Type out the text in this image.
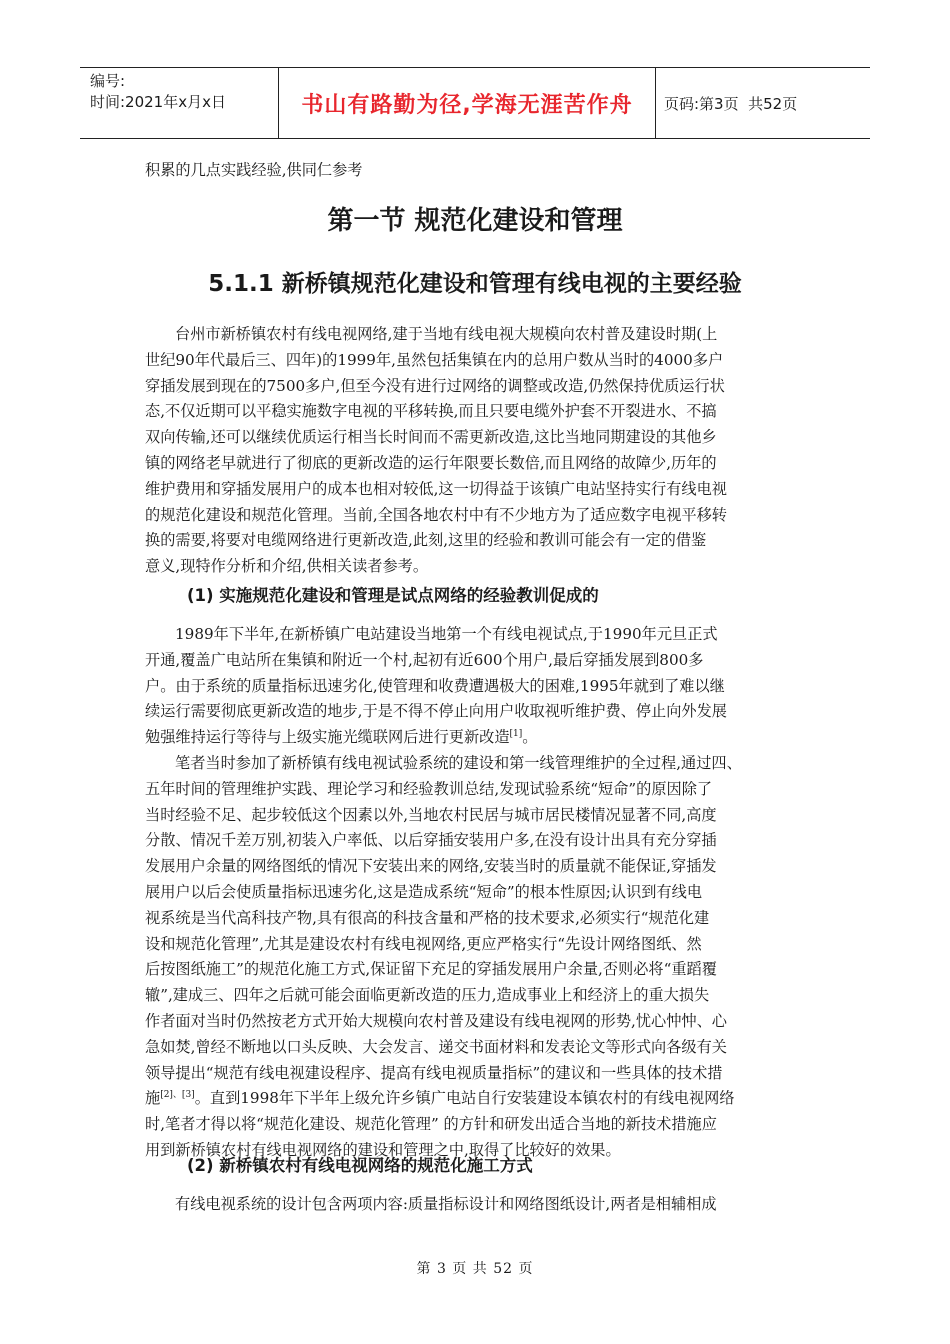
编号:
时间:2021年x月x日	书山有路勤为径,学海无涯苦作舟	页码:第3页  共52页
积累的几点实践经验,供同仁参考
第一节 规范化建设和管理
5.1.1 新桥镇规范化建设和管理有线电视的主要经验
台州市新桥镇农村有线电视网络,建于当地有线电视大规模向农村普及建设时期(上
世纪90年代最后三、四年)的1999年,虽然包括集镇在内的总用户数从当时的4000多户
穿插发展到现在的7500多户,但至今没有进行过网络的调整或改造,仍然保持优质运行状
态,不仅近期可以平稳实施数字电视的平移转换,而且只要电缆外护套不开裂进水、不搞
双向传输,还可以继续优质运行相当长时间而不需更新改造,这比当地同期建设的其他乡
镇的网络老早就进行了彻底的更新改造的运行年限要长数倍,而且网络的故障少,历年的
维护费用和穿插发展用户的成本也相对较低,这一切得益于该镇广电站坚持实行有线电视
的规范化建设和规范化管理。当前,全国各地农村中有不少地方为了适应数字电视平移转
换的需要,将要对电缆网络进行更新改造,此刻,这里的经验和教训可能会有一定的借鉴
意义,现特作分析和介绍,供相关读者参考。
(1) 实施规范化建设和管理是试点网络的经验教训促成的
1989年下半年,在新桥镇广电站建设当地第一个有线电视试点,于1990年元旦正式
开通,覆盖广电站所在集镇和附近一个村,起初有近600个用户,最后穿插发展到800多
户。由于系统的质量指标迅速劣化,使管理和收费遭遇极大的困难,1995年就到了难以继
续运行需要彻底更新改造的地步,于是不得不停止向用户收取视听维护费、停止向外发展
勉强维持运行等待与上级实施光缆联网后进行更新改造[1]。
笔者当时参加了新桥镇有线电视试验系统的建设和第一线管理维护的全过程,通过四、
五年时间的管理维护实践、理论学习和经验教训总结,发现试验系统“短命”的原因除了
当时经验不足、起步较低这个因素以外,当地农村民居与城市居民楼情况显著不同,高度
分散、情况千差万别,初装入户率低、以后穿插安装用户多,在没有设计出具有充分穿插
发展用户余量的网络图纸的情况下安装出来的网络,安装当时的质量就不能保证,穿插发
展用户以后会使质量指标迅速劣化,这是造成系统“短命”的根本性原因;认识到有线电
视系统是当代高科技产物,具有很高的科技含量和严格的技术要求,必须实行“规范化建
设和规范化管理”,尤其是建设农村有线电视网络,更应严格实行“先设计网络图纸、然
后按图纸施工”的规范化施工方式,保证留下充足的穿插发展用户余量,否则必将“重蹈覆
辙”,建成三、四年之后就可能会面临更新改造的压力,造成事业上和经济上的重大损失
作者面对当时仍然按老方式开始大规模向农村普及建设有线电视网的形势,忧心忡忡、心
急如焚,曾经不断地以口头反映、大会发言、递交书面材料和发表论文等形式向各级有关
领导提出“规范有线电视建设程序、提高有线电视质量指标”的建议和一些具体的技术措
施[2]、[3]。直到1998年下半年上级允许乡镇广电站自行安装建设本镇农村的有线电视网络
时,笔者才得以将“规范化建设、规范化管理” 的方针和研发出适合当地的新技术措施应
用到新桥镇农村有线电视网络的建设和管理之中,取得了比较好的效果。
(2) 新桥镇农村有线电视网络的规范化施工方式
有线电视系统的设计包含两项内容:质量指标设计和网络图纸设计,两者是相辅相成
第 3 页 共 52 页
